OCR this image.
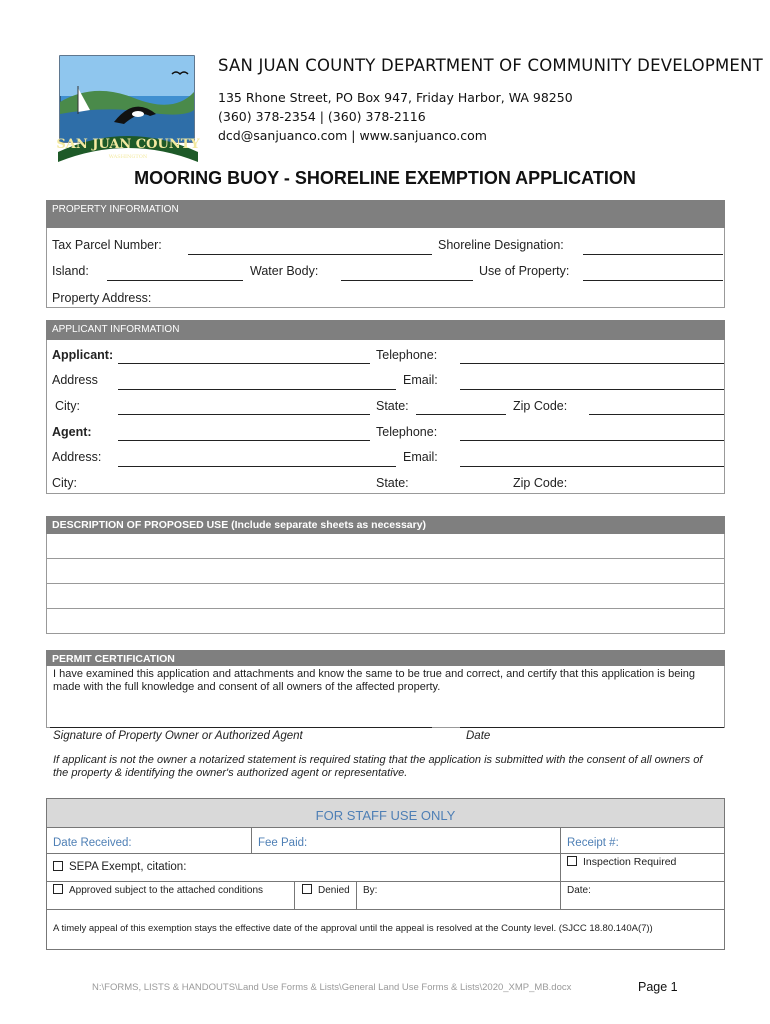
SAN JUAN COUNTY
WASHINGTON
SAN JUAN COUNTY DEPARTMENT OF COMMUNITY DEVELOPMENT
135 Rhone Street, PO Box 947, Friday Harbor, WA 98250
(360) 378-2354 | (360) 378-2116
dcd@sanjuanco.com | www.sanjuanco.com
MOORING BUOY - SHORELINE EXEMPTION APPLICATION
PROPERTY INFORMATION
Tax Parcel Number:	Shoreline Designation:
Island:	Water Body:	Use of Property:
Property Address:
APPLICANT INFORMATION
Applicant:	Telephone:
Address	Email:
City:	State:	Zip Code:
Agent:	Telephone:
Address:	Email:
City:	State:	Zip Code:
DESCRIPTION OF PROPOSED USE (Include separate sheets as necessary)
PERMIT CERTIFICATION
I have examined this application and attachments and know the same to be true and correct, and certify that this application is being made with the full knowledge and consent of all owners of the affected property.
Signature of Property Owner or Authorized Agent	Date
If applicant is not the owner a notarized statement is required stating that the application is submitted with the consent of all owners of the property & identifying the owner's authorized agent or representative.
FOR STAFF USE ONLY
Date Received:	Fee Paid:	Receipt #:
SEPA Exempt, citation:	Inspection Required
Approved subject to the attached conditions	Denied By:	Date:
A timely appeal of this exemption stays the effective date of the approval until the appeal is resolved at the County level. (SJCC 18.80.140A(7))
N:\FORMS, LISTS & HANDOUTS\Land Use Forms & Lists\General Land Use Forms & Lists\2020_XMP_MB.docx	Page 1
